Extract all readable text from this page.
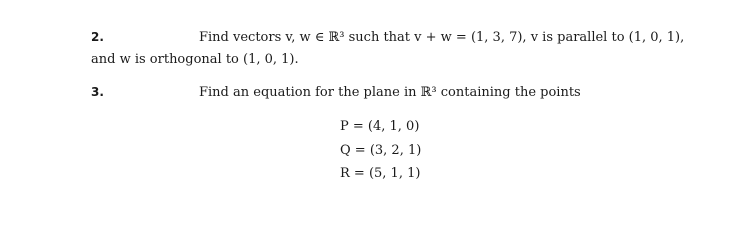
2.	Find vectors v, w ∈ ℝ³ such that v + w = (1, 3, 7), v is parallel to (1, 0, 1),
and w is orthogonal to (1, 0, 1).
3.	Find an equation for the plane in ℝ³ containing the points
P = (4, 1, 0)
Q = (3, 2, 1)
R = (5, 1, 1)
